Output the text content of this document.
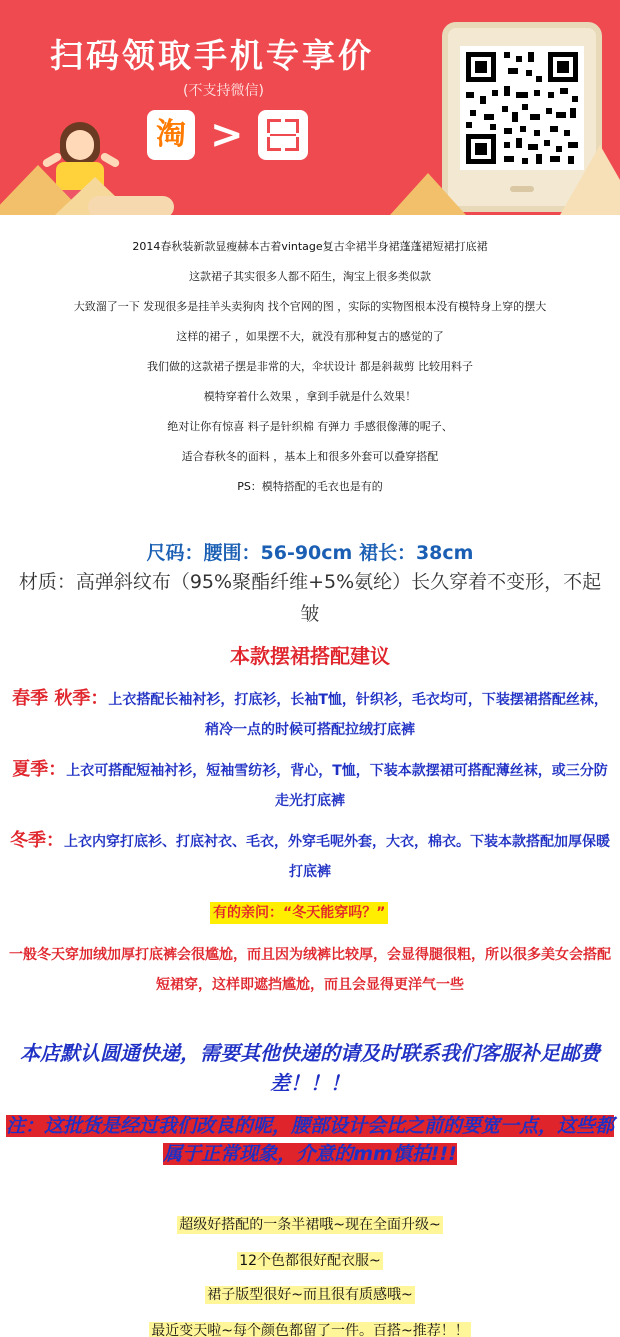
扫码领取手机专享价
(不支持微信)
淘 >

2014春秋装新款显瘦赫本古着vintage复古伞裙半身裙蓬蓬裙短裙打底裙

这款裙子其实很多人都不陌生，淘宝上很多类似款

大致溜了一下 发现很多是挂羊头卖狗肉 找个官网的图 ，实际的实物图根本没有模特身上穿的摆大

这样的裙子 ，如果摆不大，就没有那种复古的感觉的了

我们做的这款裙子摆是非常的大，伞状设计 都是斜裁剪 比较用料子

模特穿着什么效果 ，拿到手就是什么效果！

绝对让你有惊喜 料子是针织棉 有弹力 手感很像薄的呢子、

适合春秋冬的面料 ，基本上和很多外套可以叠穿搭配

PS：模特搭配的毛衣也是有的

尺码：腰围：56-90cm 裙长：38cm
材质：高弹斜纹布（95%聚酯纤维+5%氨纶）长久穿着不变形，不起皱
本款摆裙搭配建议
春季 秋季：上衣搭配长袖衬衫，打底衫，长袖T恤，针织衫，毛衣均可，下装摆裙搭配丝袜，稍冷一点的时候可搭配拉绒打底裤
夏季：上衣可搭配短袖衬衫，短袖雪纺衫，背心，T恤，下装本款摆裙可搭配薄丝袜，或三分防走光打底裤
冬季：上衣内穿打底衫、打底衬衣、毛衣，外穿毛呢外套，大衣，棉衣。下装本款搭配加厚保暖打底裤
有的亲问：“冬天能穿吗？”
一般冬天穿加绒加厚打底裤会很尴尬，而且因为绒裤比较厚，会显得腿很粗，所以很多美女会搭配短裙穿，这样即遮挡尴尬，而且会显得更洋气一些
本店默认圆通快递，需要其他快递的请及时联系我们客服补足邮费差！！！
注：这批货是经过我们改良的呢，腰部设计会比之前的要宽一点，这些都属于正常现象，介意的mm慎拍!!!
超级好搭配的一条半裙哦~现在全面升级~
12个色都很好配衣服~
裙子版型很好~而且很有质感哦~
最近变天啦~每个颜色都留了一件。百搭~推荐！！
